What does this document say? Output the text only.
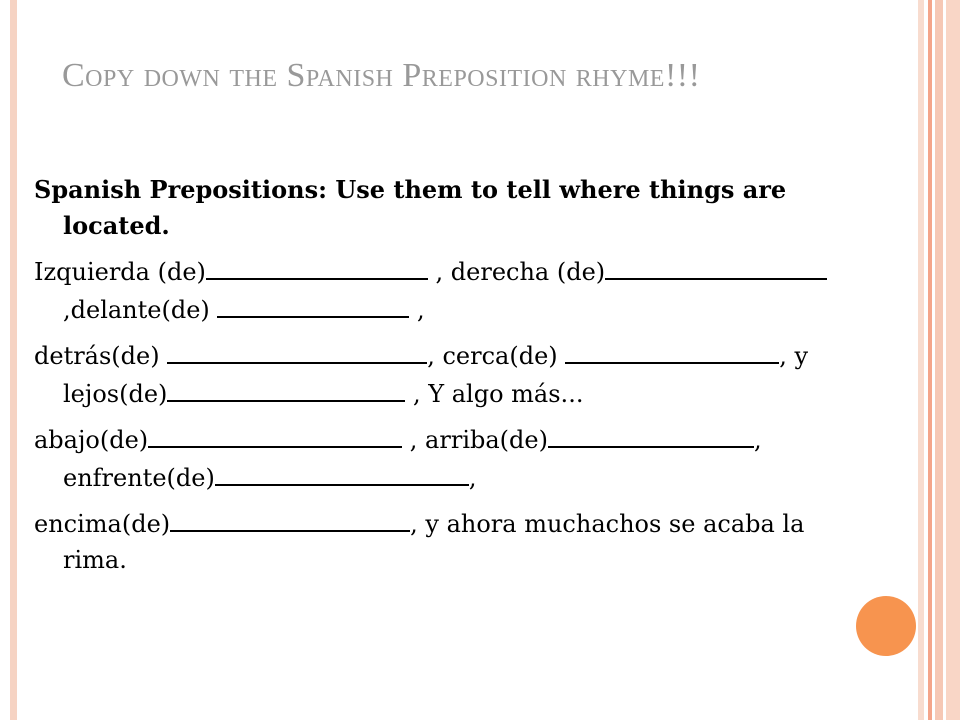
Copy down the Spanish Preposition rhyme!!!

Spanish Prepositions: Use them to tell where things are located.

Izquierda (de)	, derecha (de),delante(de)	,

detrás(de)	, cerca(de)	, y lejos(de)	, Y algo más...

abajo(de)	, arriba(de)	, enfrente(de)	,

encima(de)	, y ahora muchachos se acaba la rima.
